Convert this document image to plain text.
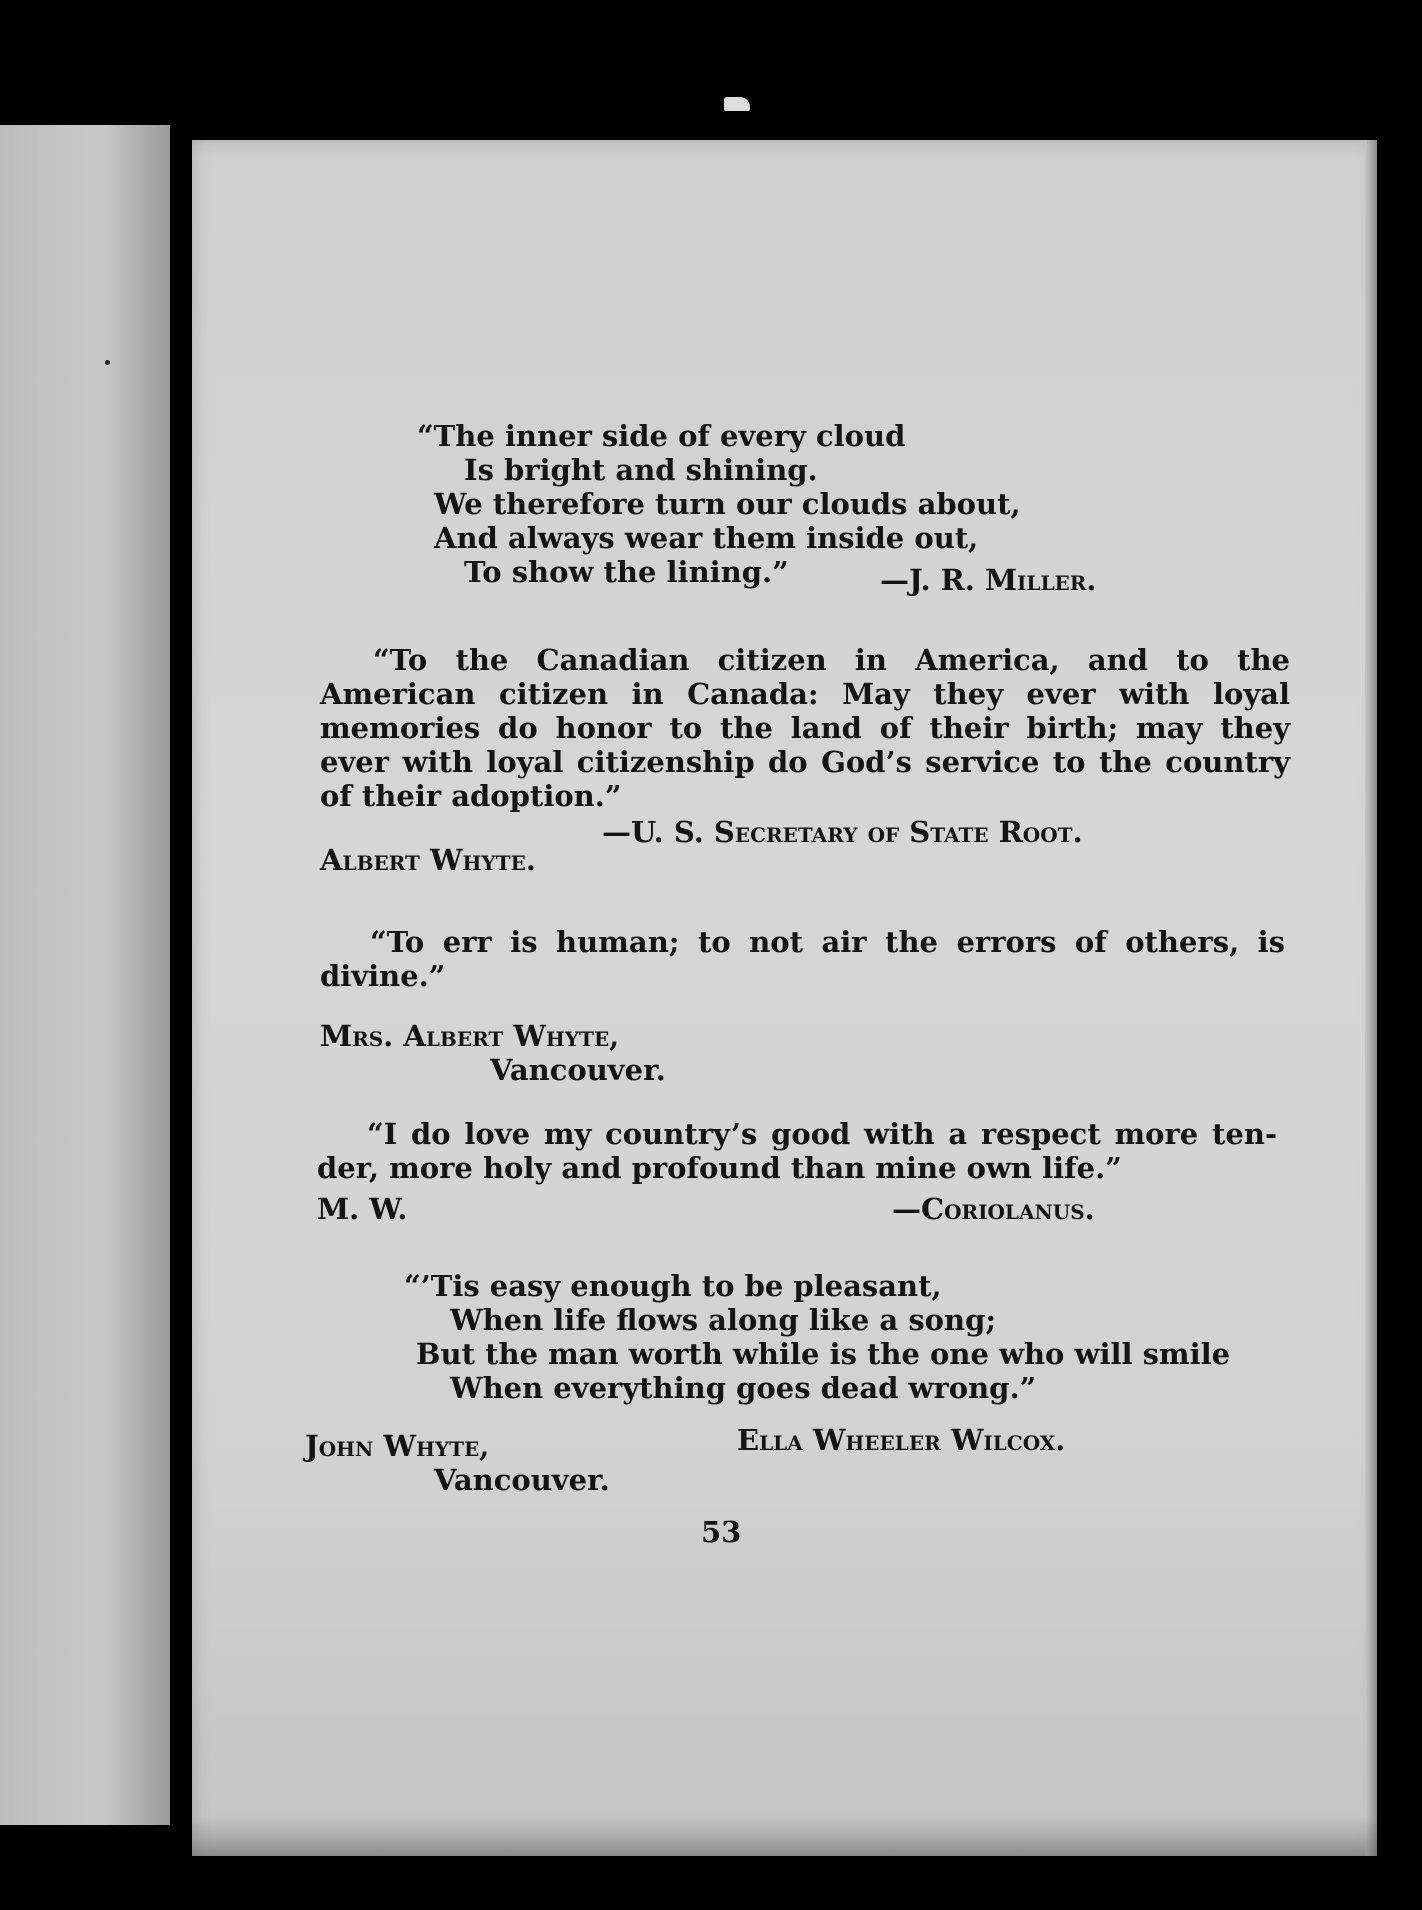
“The inner side of every cloud

Is bright and shining.

We therefore turn our clouds about,

And always wear them inside out,

To show the lining.”	—J. R. Miller.

“To the Canadian citizen in America, and to the

American citizen in Canada: May they ever with loyal

memories do honor to the land of their birth; may they

ever with loyal citizenship do God’s service to the country

of their adoption.”

—U. S. Secretary of State Root.

Albert Whyte.

“To err is human; to not air the errors of others, is

divine.”

Mrs. Albert Whyte,

Vancouver.

“I do love my country’s good with a respect more ten-

der, more holy and profound than mine own life.”

M. W.	—Coriolanus.

“’Tis easy enough to be pleasant,

When life flows along like a song;

But the man worth while is the one who will smile

When everything goes dead wrong.”

John Whyte,	Ella Wheeler Wilcox.

Vancouver.

53
